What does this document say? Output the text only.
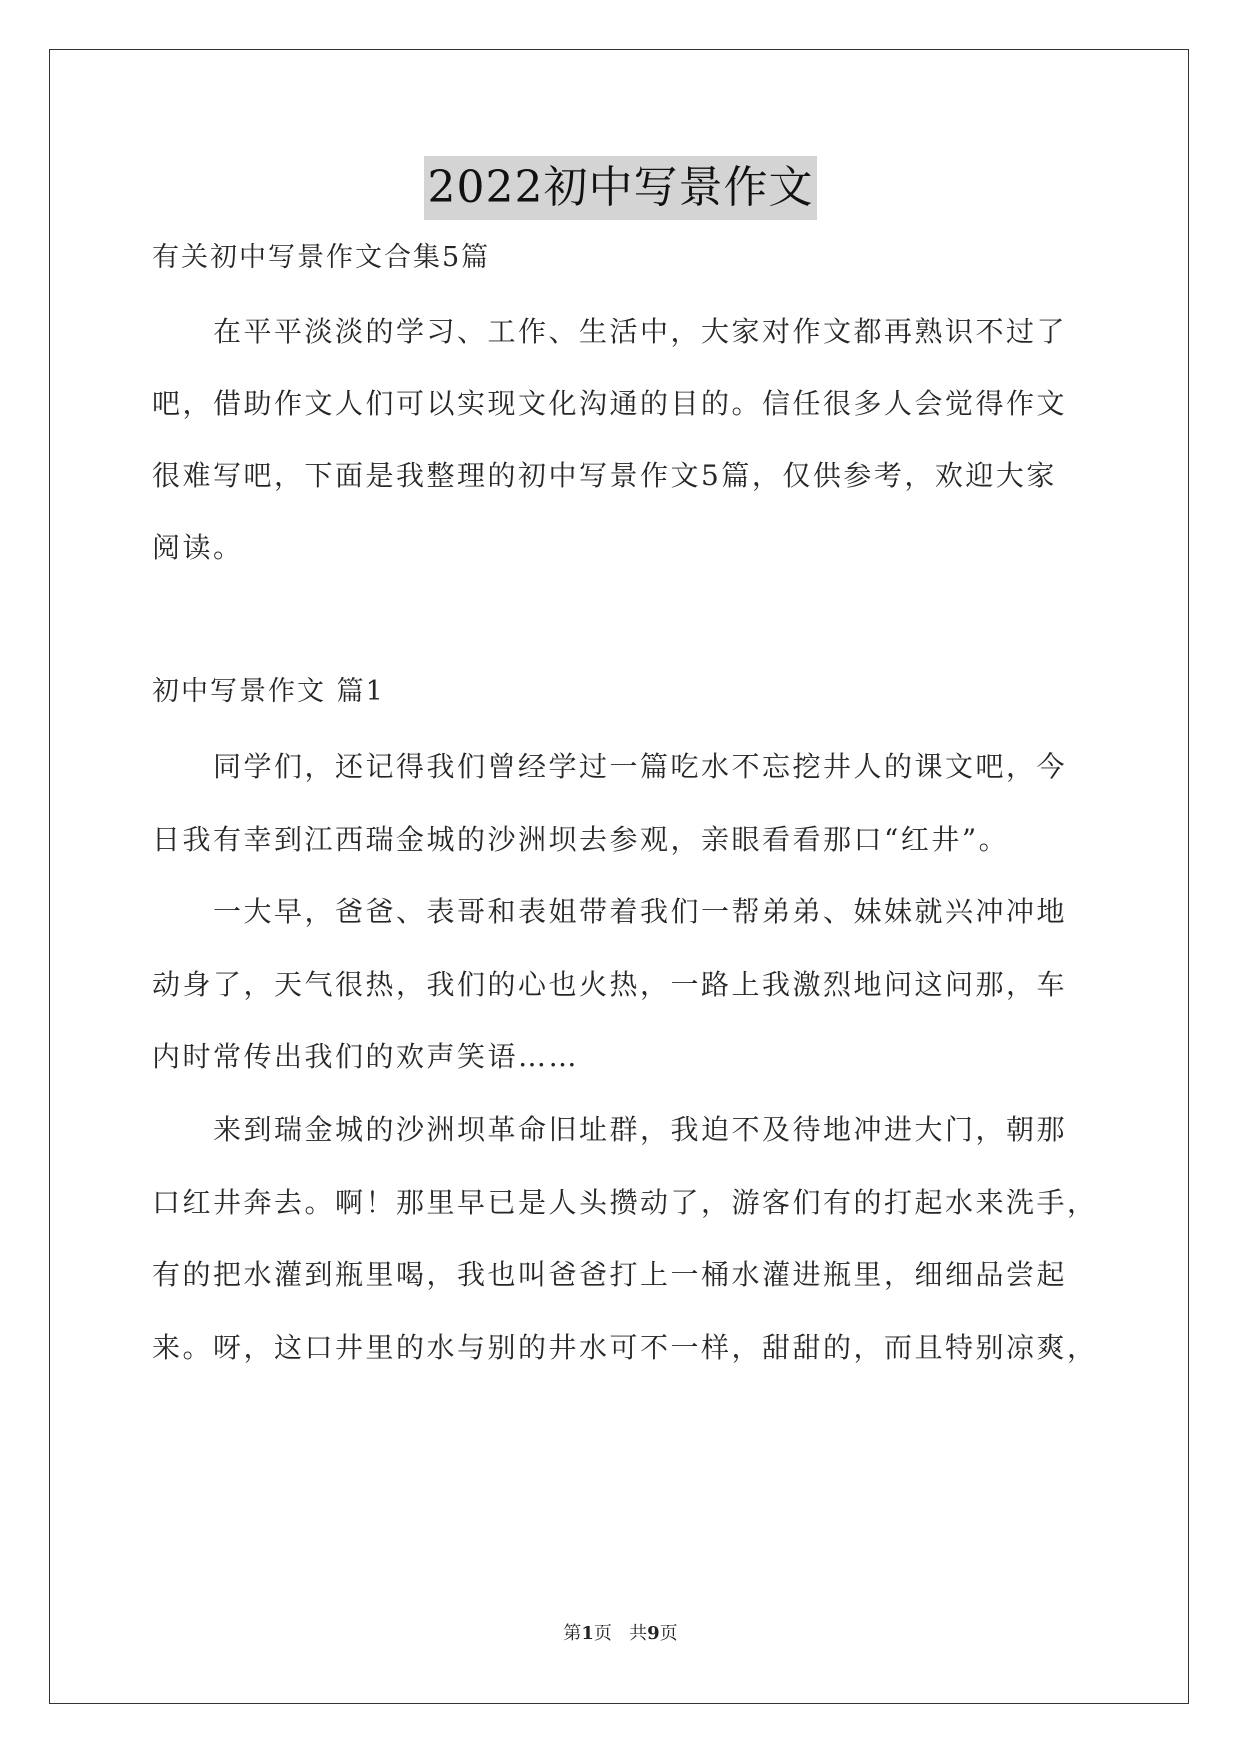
2022初中写景作文
有关初中写景作文合集5篇
在平平淡淡的学习、工作、生活中，大家对作文都再熟识不过了
吧，借助作文人们可以实现文化沟通的目的。信任很多人会觉得作文
很难写吧，下面是我整理的初中写景作文5篇，仅供参考，欢迎大家
阅读。
初中写景作文 篇1
同学们，还记得我们曾经学过一篇吃水不忘挖井人的课文吧，今
日我有幸到江西瑞金城的沙洲坝去参观，亲眼看看那口“红井”。
一大早，爸爸、表哥和表姐带着我们一帮弟弟、妹妹就兴冲冲地
动身了，天气很热，我们的心也火热，一路上我激烈地问这问那，车
内时常传出我们的欢声笑语……
来到瑞金城的沙洲坝革命旧址群，我迫不及待地冲进大门，朝那
口红井奔去。啊！那里早已是人头攒动了，游客们有的打起水来洗手，
有的把水灌到瓶里喝，我也叫爸爸打上一桶水灌进瓶里，细细品尝起
来。呀，这口井里的水与别的井水可不一样，甜甜的，而且特别凉爽，
第1页 共9页
